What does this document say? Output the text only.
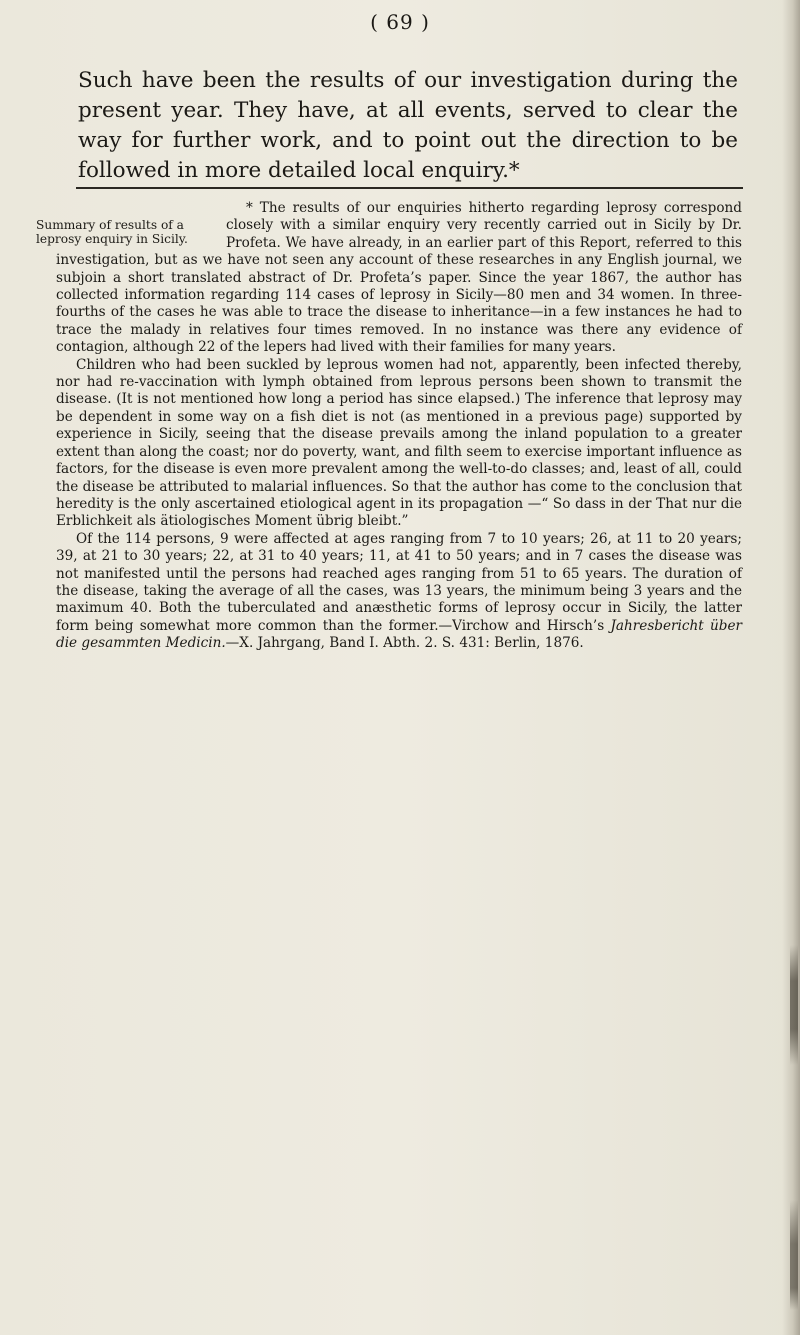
( 69 )

Such have been the results of our investigation during the present year. They have, at all events, served to clear the way for further work, and to point out the direction to be followed in more detailed local enquiry.*

Summary of results of a leprosy enquiry in Sicily.
* The results of our enquiries hitherto regarding leprosy correspond closely with a similar enquiry very recently carried out in Sicily by Dr. Profeta. We have already, in an earlier part of this Report, referred to this investigation, but as we have not seen any account of these researches in any English journal, we subjoin a short translated abstract of Dr. Profeta’s paper. Since the year 1867, the author has collected information regarding 114 cases of leprosy in Sicily—80 men and 34 women. In three-fourths of the cases he was able to trace the disease to inheritance—in a few instances he had to trace the malady in relatives four times removed. In no instance was there any evidence of contagion, although 22 of the lepers had lived with their families for many years.

Children who had been suckled by leprous women had not, apparently, been infected thereby, nor had re-vaccination with lymph obtained from leprous persons been shown to transmit the disease. (It is not mentioned how long a period has since elapsed.) The inference that leprosy may be dependent in some way on a fish diet is not (as mentioned in a previous page) supported by experience in Sicily, seeing that the disease prevails among the inland population to a greater extent than along the coast; nor do poverty, want, and filth seem to exercise important influence as factors, for the disease is even more prevalent among the well-to-do classes; and, least of all, could the disease be attributed to malarial influences. So that the author has come to the conclusion that heredity is the only ascertained etiological agent in its propagation —“ So dass in der That nur die Erblichkeit als ätiologisches Moment übrig bleibt.”

Of the 114 persons, 9 were affected at ages ranging from 7 to 10 years; 26, at 11 to 20 years; 39, at 21 to 30 years; 22, at 31 to 40 years; 11, at 41 to 50 years; and in 7 cases the disease was not manifested until the persons had reached ages ranging from 51 to 65 years. The duration of the disease, taking the average of all the cases, was 13 years, the minimum being 3 years and the maximum 40. Both the tuberculated and anæsthetic forms of leprosy occur in Sicily, the latter form being somewhat more common than the former.—Virchow and Hirsch’s Jahresbericht über die gesammten Medicin.—X. Jahrgang, Band I. Abth. 2. S. 431: Berlin, 1876.
